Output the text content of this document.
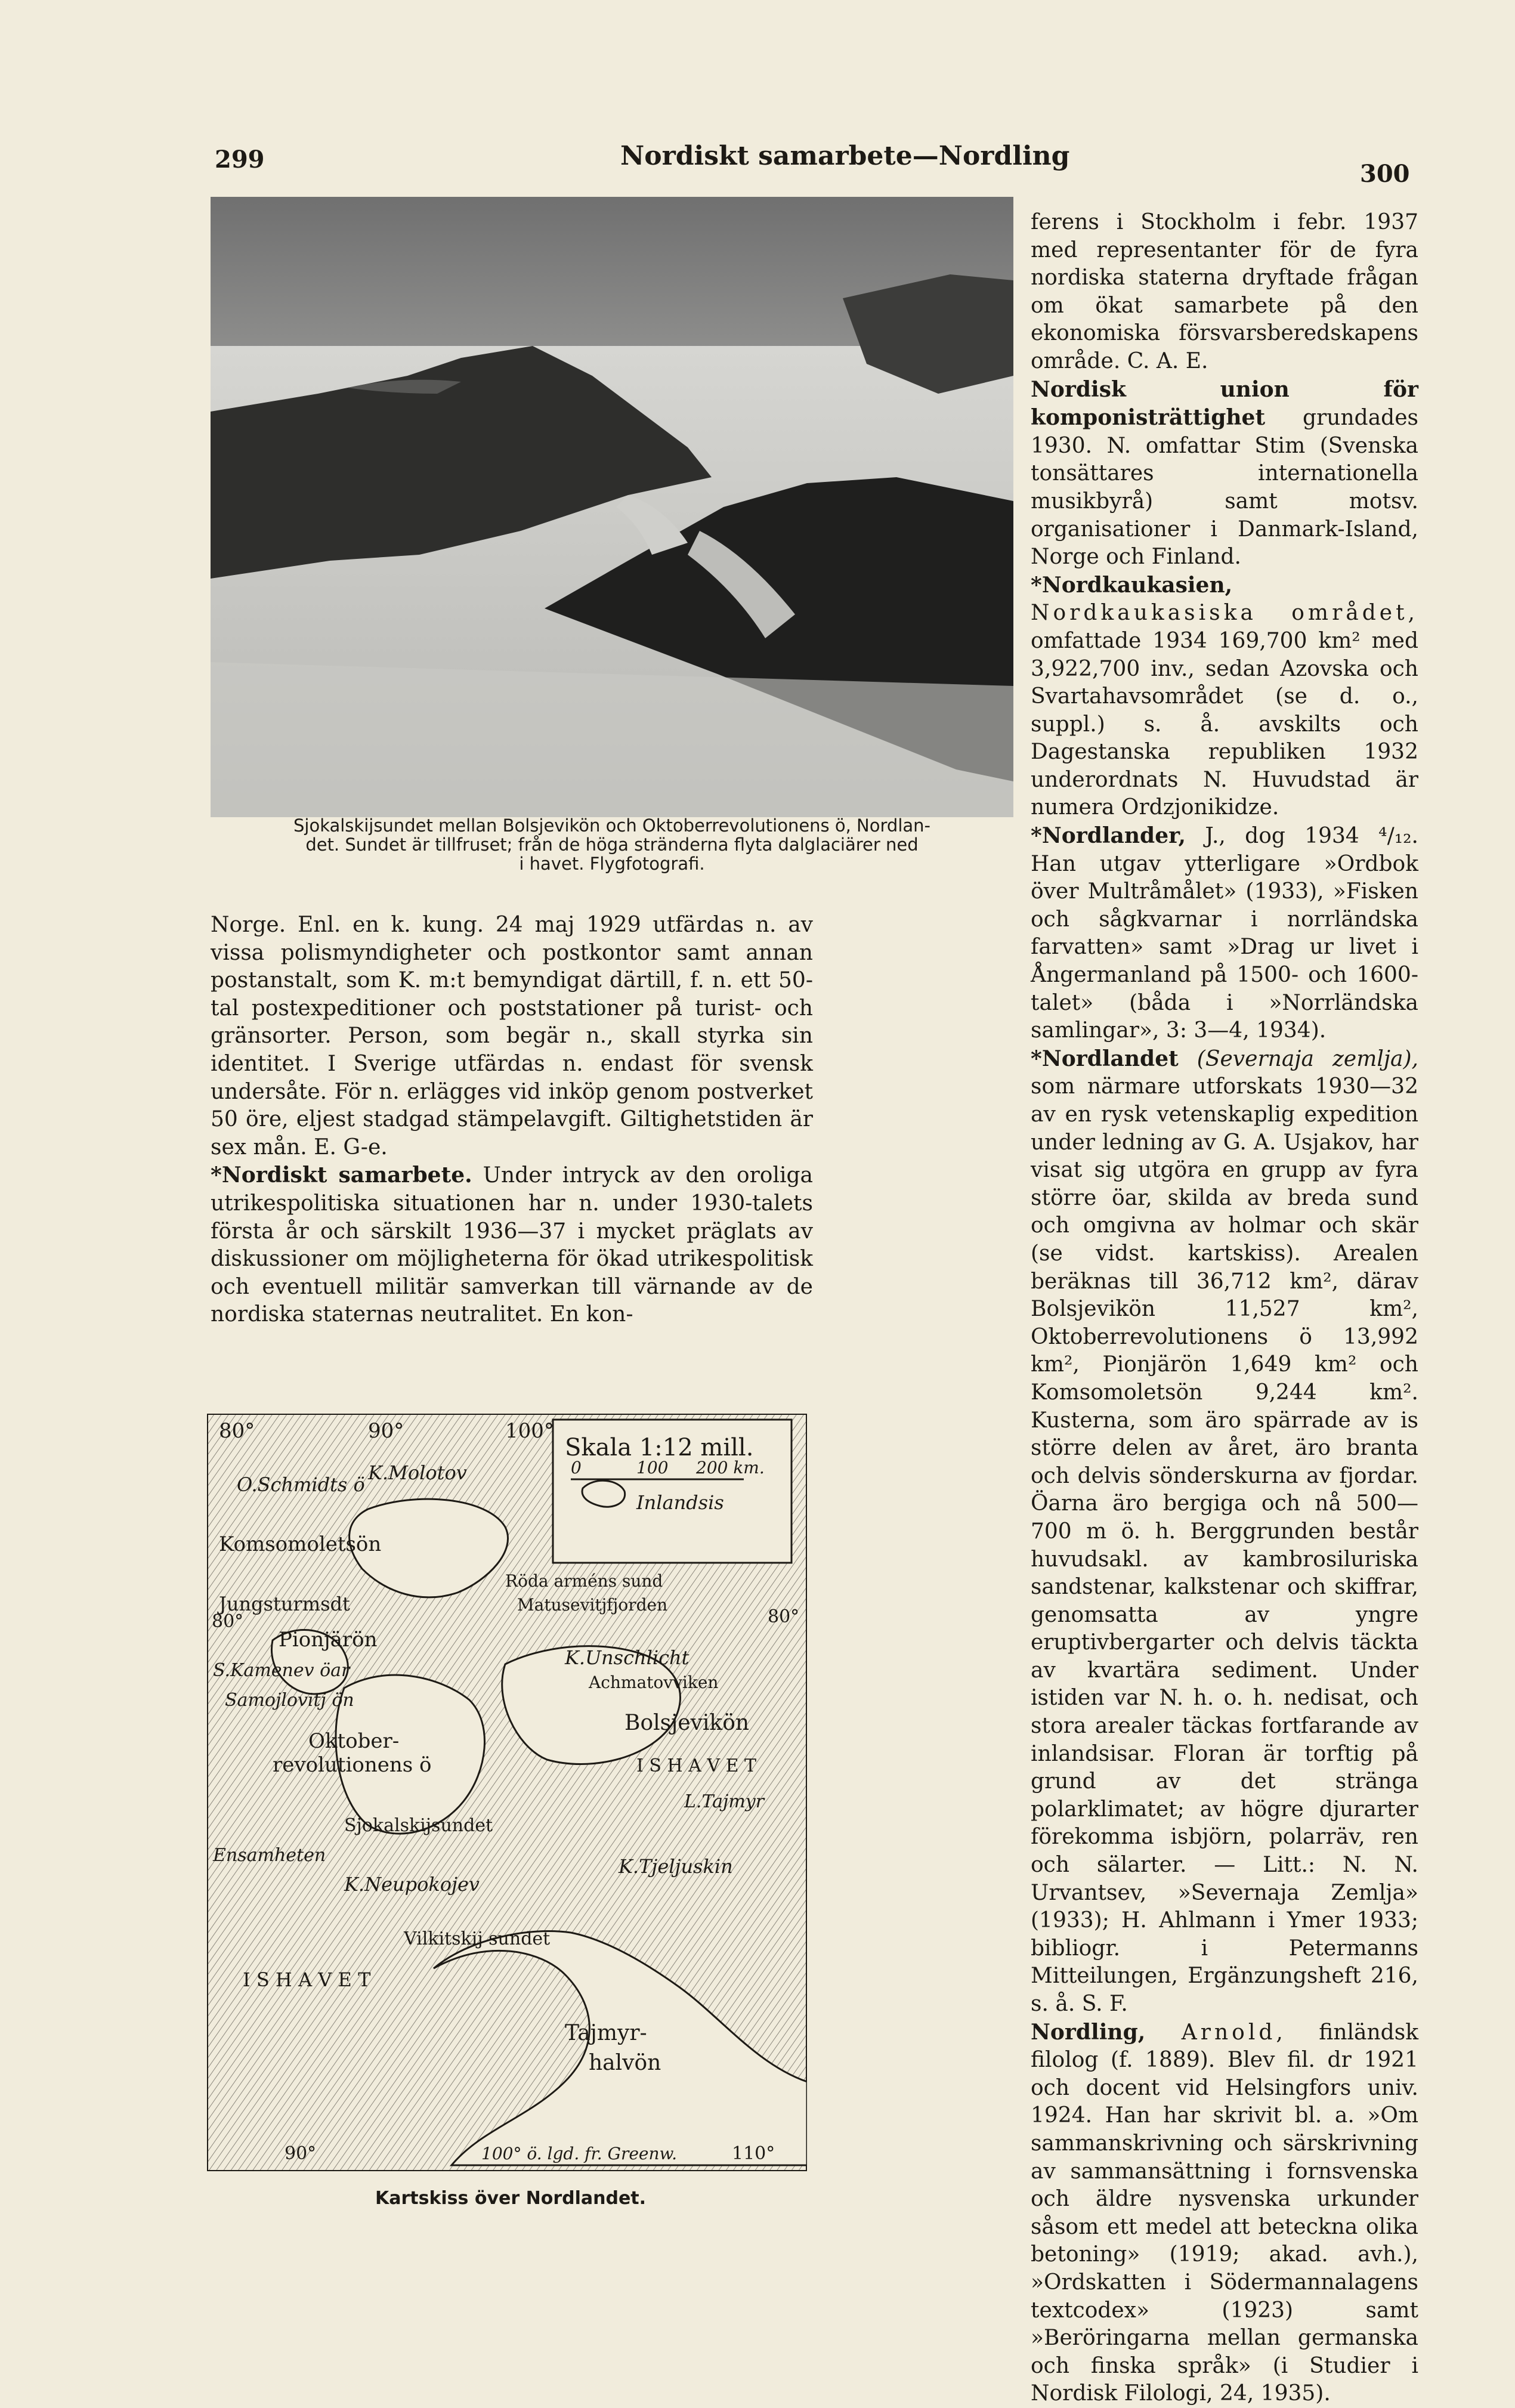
299	Nordiskt samarbete—Nordling
300
Sjokalskijsundet mellan Bolsjevikön och Oktoberrevolutionens ö, Nordlan-
det. Sundet är tillfruset; från de höga stränderna flyta dalglaciärer ned
i havet. Flygfotografi.

Norge. Enl. en k. kung. 24 maj 1929 utfärdas n. av vissa polismyndigheter och postkontor samt annan postanstalt, som K. m:t bemyndigat därtill, f. n. ett 50-tal postexpeditioner och poststationer på turist- och gränsorter. Person, som begär n., skall styrka sin identitet. I Sverige utfärdas n. endast för svensk undersåte. För n. erlägges vid inköp genom postverket 50 öre, eljest stadgad stämpelavgift. Giltighetstiden är sex mån. E. G-e.

*Nordiskt samarbete. Under intryck av den oroliga utrikespolitiska situationen har n. under 1930-talets första år och särskilt 1936—37 i mycket präglats av diskussioner om möjligheterna för ökad utrikespolitisk och eventuell militär samverkan till värnande av de nordiska staternas neutralitet. En kon-

ferens i Stockholm i febr. 1937 med representanter för de fyra nordiska staterna dryftade frågan om ökat samarbete på den ekonomiska försvarsberedskapens område. C. A. E.

Nordisk union för komponisträttighet grundades 1930. N. omfattar Stim (Svenska tonsättares internationella musikbyrå) samt motsv. organisationer i Danmark-Island, Norge och Finland.

*Nordkaukasien, Nordkaukasiska området, omfattade 1934 169,700 km² med 3,922,700 inv., sedan Azovska och Svartahavsområdet (se d. o., suppl.) s. å. avskilts och Dagestanska republiken 1932 underordnats N. Huvudstad är numera Ordzjonikidze.

*Nordlander, J., dog 1934 ⁴/₁₂. Han utgav ytterligare »Ordbok över Multråmålet» (1933), »Fisken och sågkvarnar i norrländska farvatten» samt »Drag ur livet i Ångermanland på 1500- och 1600-talet» (båda i »Norrländska samlingar», 3: 3—4, 1934).

*Nordlandet (Severnaja zemlja), som närmare utforskats 1930—32 av en rysk vetenskaplig expedition under ledning av G. A. Usjakov, har visat sig utgöra en grupp av fyra större öar, skilda av breda sund och omgivna av holmar och skär (se vidst. kartskiss). Arealen beräknas till 36,712 km², därav Bolsjevikön 11,527 km², Oktoberrevolutionens ö 13,992 km², Pionjärön 1,649 km² och Komsomoletsön 9,244 km². Kusterna, som äro spärrade av is större delen av året, äro branta och delvis sönderskurna av fjordar. Öarna äro bergiga och nå 500—700 m ö. h. Berggrunden består huvudsakl. av kambrosiluriska sandstenar, kalkstenar och skiffrar, genomsatta av yngre eruptivbergarter och delvis täckta av kvartära sediment. Under istiden var N. h. o. h. nedisat, och stora arealer täckas fortfarande av inlandsisar. Floran är torftig på grund av det stränga polarklimatet; av högre djurarter förekomma isbjörn, polarräv, ren och sälarter. — Litt.: N. N. Urvantsev, »Severnaja Zemlja» (1933); H. Ahlmann i Ymer 1933; bibliogr. i Petermanns Mitteilungen, Ergänzungsheft 216, s. å. S. F.

Nordling, Arnold, finländsk filolog (f. 1889). Blev fil. dr 1921 och docent vid Helsingfors univ. 1924. Han har skrivit bl. a. »Om sammanskrivning och särskrivning av sammansättning i fornsvenska och äldre nysvenska urkunder såsom ett medel att beteckna olika betoning» (1919; akad. avh.), »Ordskatten i Södermannalagens textcodex» (1923) samt »Beröringarna mellan germanska och finska språk» (i Studier i Nordisk Filologi, 24, 1935).

80°	90°	100°
80°	80°
Skala 1:12 mill.
0	100 200 km.
Inlandsis
O.Schmidts ö
K.Molotov
Komsomoletsön
Jungsturmsdt
Röda arméns sund
Matusevitjfjorden
Pionjärön
S.Kamenev öar
Samojlovitj ön
K.Unschlicht
Achmatovviken
Bolsjevikön
Oktober-
revolutionens ö	I S H A V E T
L.Tajmyr
Sjokalskijsundet
Ensamheten
K.Neupokojev
K.Tjeljuskin
Vilkitskij sundet
I S H A V E T
Tajmyr-
halvön
90°	100° ö. lgd. fr. Greenw.	110°
Kartskiss över Nordlandet.
